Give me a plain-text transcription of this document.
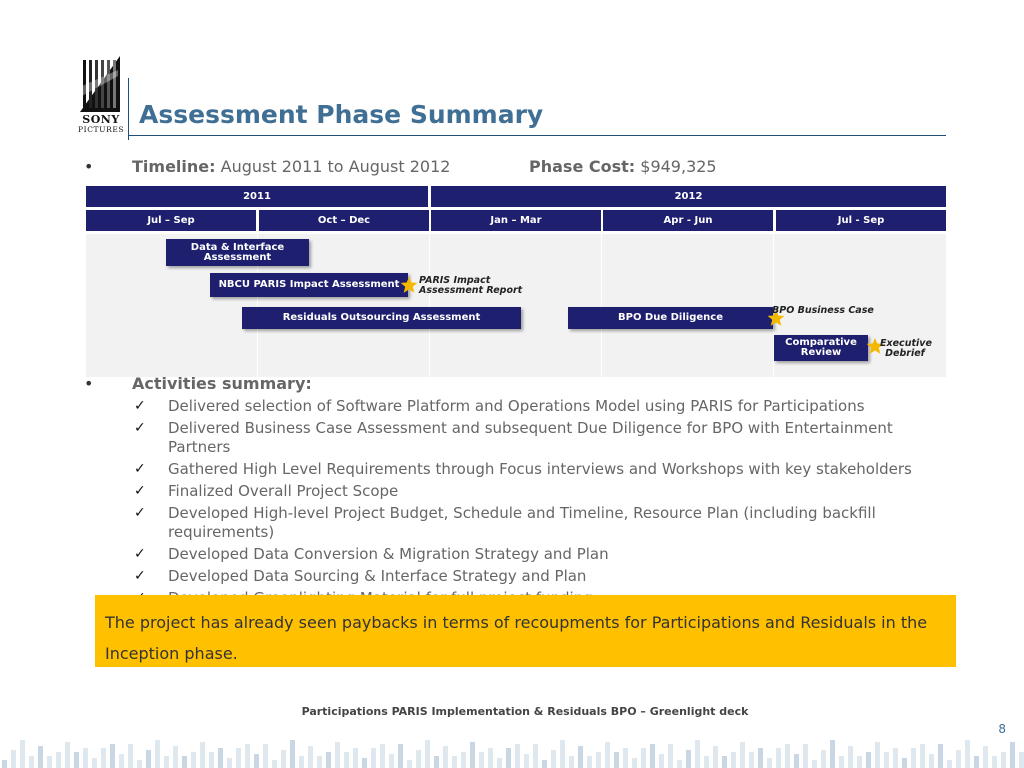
SONY
PICTURES
Assessment Phase Summary
• Timeline: August 2011 to August 2012	Phase Cost: $949,325
2011	2012
Jul – Sep	Oct – Dec	Jan – Mar	Apr - Jun	Jul - Sep
Data & Interface Assessment
NBCU PARIS Impact Assessment
Residuals Outsourcing Assessment	BPO Due Diligence
Comparative Review
PARIS Impact Assessment Report
BPO Business Case
Executive Debrief
• Activities summary:
✓ Delivered selection of Software Platform and Operations Model using PARIS for Participations
✓ Delivered Business Case Assessment and subsequent Due Diligence for BPO with Entertainment Partners
✓ Gathered High Level Requirements through Focus interviews and Workshops with key stakeholders
✓ Finalized Overall Project Scope
✓ Developed High-level Project Budget, Schedule and Timeline, Resource Plan (including backfill requirements)
✓ Developed Data Conversion & Migration Strategy and Plan
✓ Developed Data Sourcing & Interface Strategy and Plan
The project has already seen paybacks in terms of recoupments for Participations and Residuals in the Inception phase.
Participations PARIS Implementation & Residuals BPO – Greenlight deck
8
